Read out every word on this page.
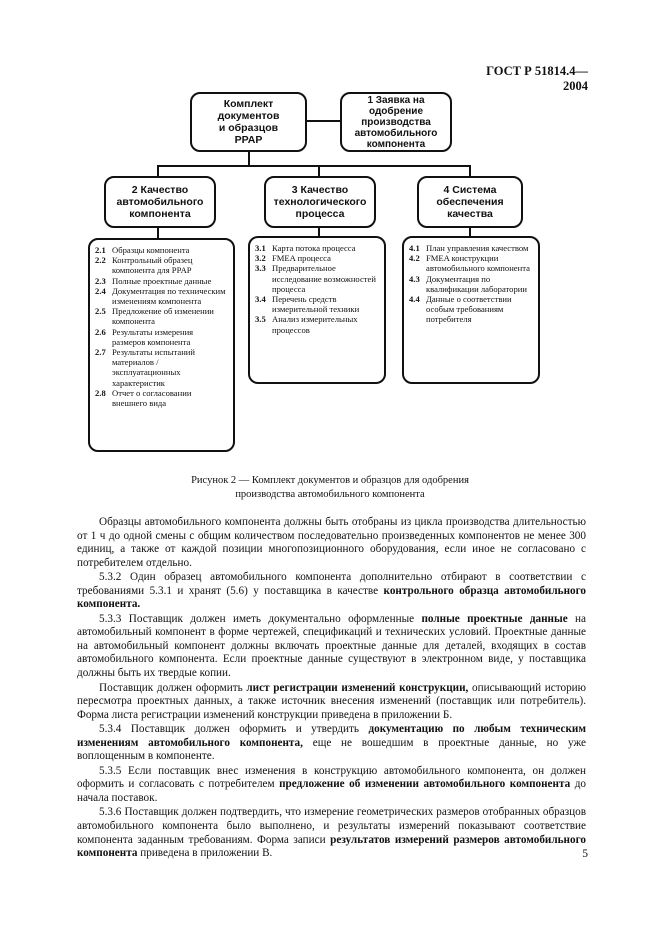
ГОСТ Р 51814.4—2004
Комплект
документов
и образцов
PPAP
1 Заявка на
одобрение
производства
автомобильного
компонента
2 Качество
автомобильного
компонента
3 Качество
технологического
процесса
4 Система
обеспечения
качества
2.1 Образцы компонента
2.2 Контрольный образец компонента для PPAP
2.3 Полные проектные данные
2.4 Документация по техническим изменениям компонента
2.5 Предложение об изменении компонента
2.6 Результаты измерения размеров компонента
2.7 Результаты испытаний материалов / эксплуатационных характеристик
2.8 Отчет о согласовании внешнего вида
3.1 Карта потока процесса
3.2 FMEA процесса
3.3 Предварительное исследование возможностей процесса
3.4 Перечень средств измерительной техники
3.5 Анализ измерительных процессов
4.1 План управления качеством
4.2 FMEA конструкции автомобильного компонента
4.3 Документация по квалификации лаборатории
4.4 Данные о соответствии особым требованиям потребителя
Рисунок 2 — Комплект документов и образцов для одобрения
производства автомобильного компонента

Образцы автомобильного компонента должны быть отобраны из цикла производства длительностью от 1 ч до одной смены с общим количеством последовательно произведенных компонентов не менее 300 единиц, а также от каждой позиции многопозиционного оборудования, если иное не согласовано с потребителем отдельно.

5.3.2 Один образец автомобильного компонента дополнительно отбирают в соответствии с требованиями 5.3.1 и хранят (5.6) у поставщика в качестве контрольного образца автомобильного компонента.

5.3.3 Поставщик должен иметь документально оформленные полные проектные данные на автомобильный компонент в форме чертежей, спецификаций и технических условий. Проектные данные на автомобильный компонент должны включать проектные данные для деталей, входящих в состав автомобильного компонента. Если проектные данные существуют в электронном виде, у поставщика должны быть их твердые копии.

Поставщик должен оформить лист регистрации изменений конструкции, описывающий историю пересмотра проектных данных, а также источник внесения изменений (поставщик или потребитель). Форма листа регистрации изменений конструкции приведена в приложении Б.

5.3.4 Поставщик должен оформить и утвердить документацию по любым техническим изменениям автомобильного компонента, еще не вошедшим в проектные данные, но уже воплощенным в компоненте.

5.3.5 Если поставщик внес изменения в конструкцию автомобильного компонента, он должен оформить и согласовать с потребителем предложение об изменении автомобильного компонента до начала поставок.

5.3.6 Поставщик должен подтвердить, что измерение геометрических размеров отобранных образцов автомобильного компонента было выполнено, и результаты измерений показывают соответствие компонента заданным требованиям. Форма записи результатов измерений размеров автомобильного компонента приведена в приложении В.	5
